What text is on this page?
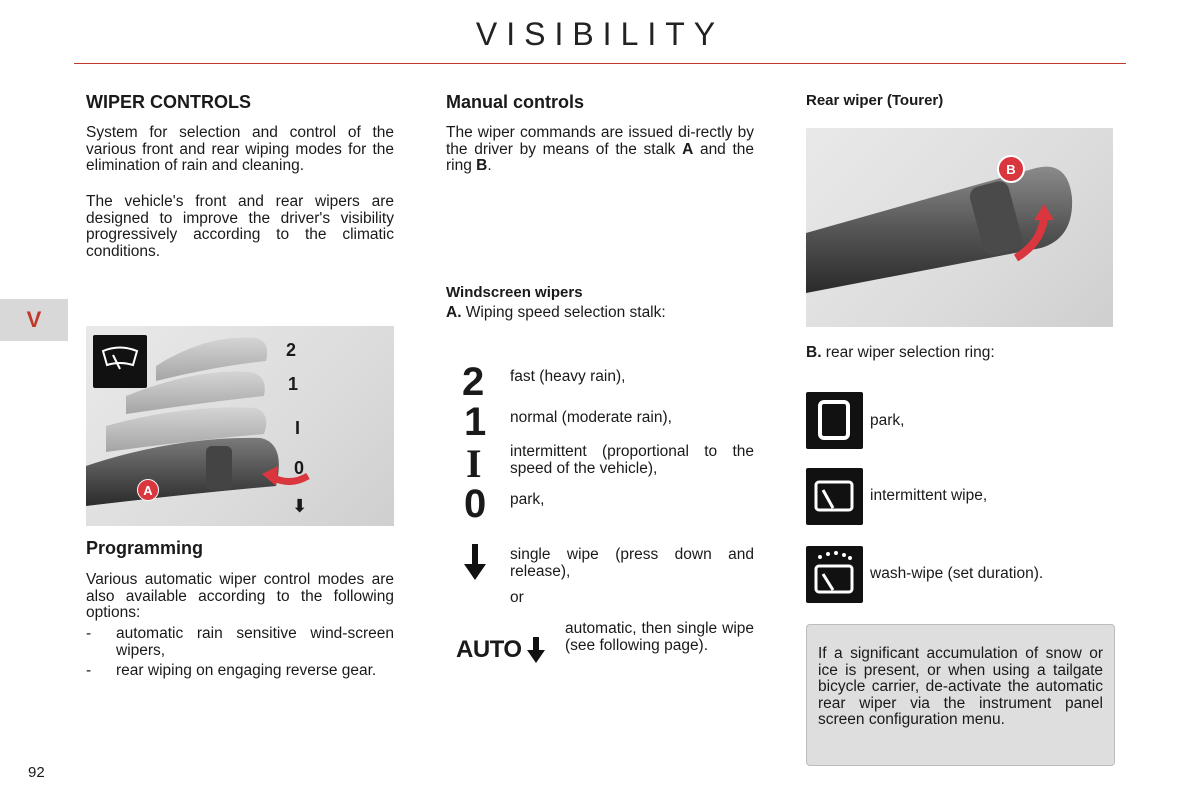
VISIBILITY
V
92
WIPER CONTROLS
System for selection and control of the various front and rear wiping modes for the elimination of rain and cleaning.
The vehicle's front and rear wipers are designed to improve the driver's visibility progressively according to the climatic conditions.
2
1
I
0
⬇
A
Programming
Various automatic wiper control modes are also available according to the following options:
- automatic rain sensitive wind-screen wipers,
- rear wiping on engaging reverse gear.
Manual controls
The wiper commands are issued di-rectly by the driver by means of the stalk A and the ring B.
Windscreen wipers
A. Wiping speed selection stalk:
2 fast (heavy rain),
1 normal (moderate rain),
I intermittent (proportional to the speed of the vehicle),
0 park,
single wipe (press down and release),
or
AUTO
automatic, then single wipe (see following page).
Rear wiper (Tourer)
B
B. rear wiper selection ring:
park,
intermittent wipe,
wash-wipe (set duration).
If a significant accumulation of snow or ice is present, or when using a tailgate bicycle carrier, de-activate the automatic rear wiper via the instrument panel screen configuration menu.
